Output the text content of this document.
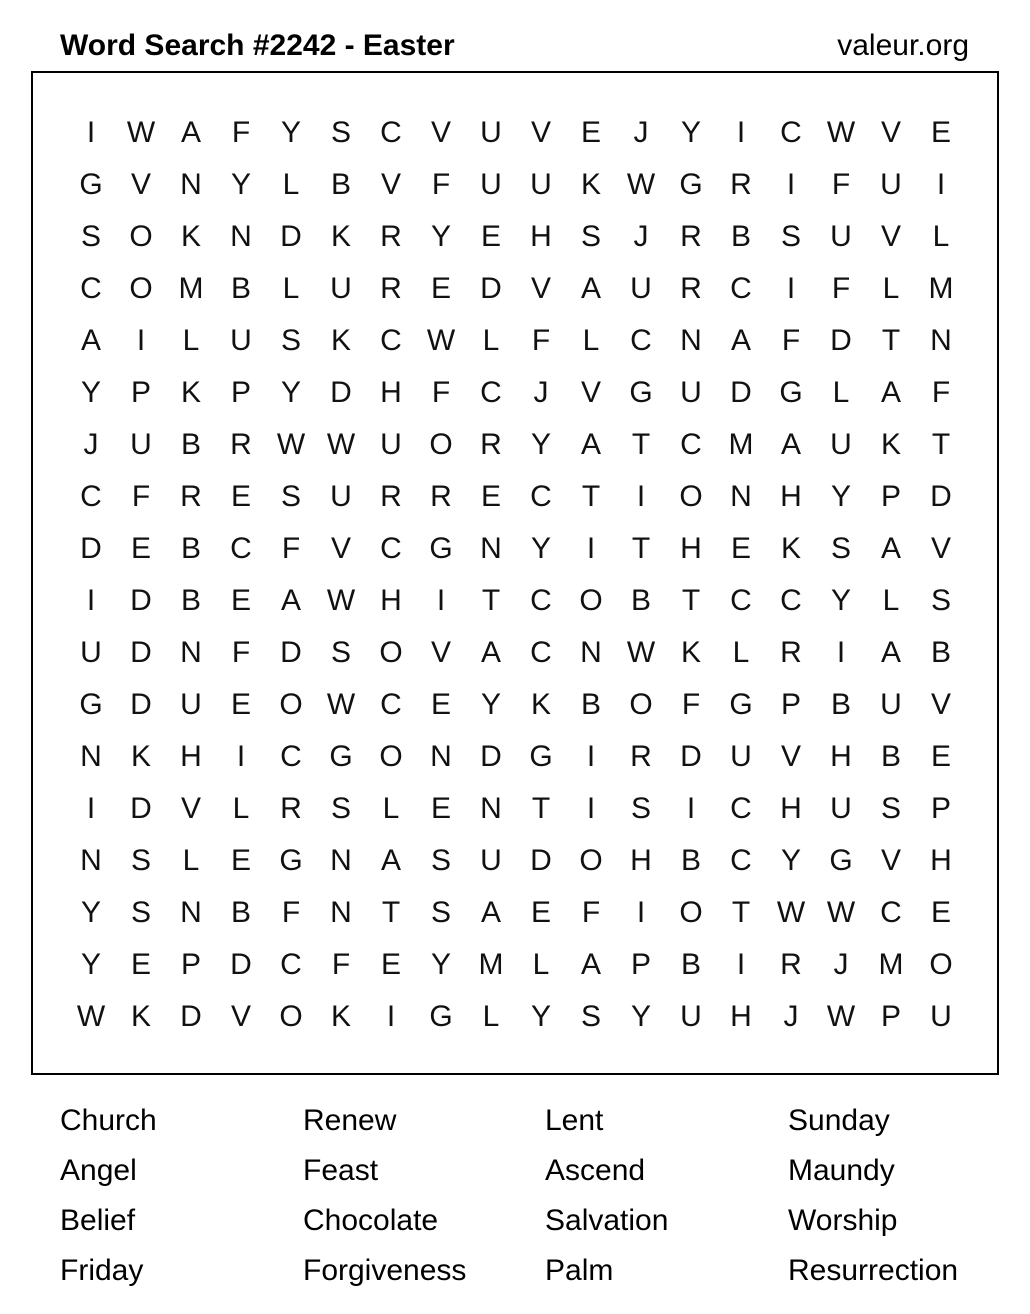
Word Search #2242 - Easter	valeur.org
I	W A	F	Y S C V U V E	J	Y	I	C W V E
G V N Y	L	B V	F	U U K W G R	I	F	U	I
S O K N D K R Y E H S	J	R B S U V	L
C O M B	L	U R E D V A U R C	I	F	L M
A	I	L	U S K C W L	F	L	C N A	F	D	T	N
Y P K P Y D H	F	C	J	V G U D G L	A	F
J	U B R W W U O R Y A	T	C M A U K	T
C	F	R E S U R R E C	T	I	O N H Y P D
D E B C	F	V C G N Y	I	T	H E K S A V
I	D B E A W H	I	T	C O B	T	C C Y	L	S
U D N	F	D S O V A C N W K	L	R	I	A B
G D U E O W C E Y K B O F G P B U V
N K H	I	C G O N D G	I	R D U V H B E
I	D V	L	R S	L	E N	T	I	S	I	C H U S P
N S	L	E G N A S U D O H B C Y G V H
Y S N B	F	N	T	S A E	F	I	O T W W C E
Y E P D C	F	E Y M L	A P B	I	R	J	M O
W K D V O K	I	G L	Y S Y U H	J W P U
Church	Renew	Lent	Sunday
Angel	Feast	Ascend	Maundy
Belief	Chocolate	Salvation	Worship
Friday	Forgiveness	Palm	Resurrection
